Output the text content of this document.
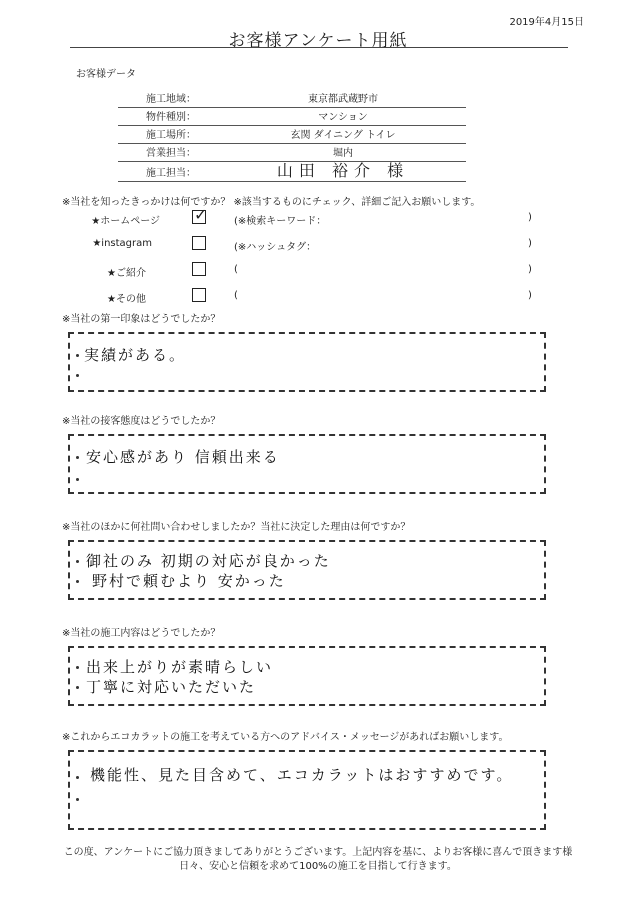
2019年4月15日
お客様アンケート用紙
お客様データ
施工地域：	東京都武蔵野市
物件種別：	マンション
施工場所：	玄関 ダイニング トイレ
営業担当：	堀内
施工担当：	山田 裕介 様
※当社を知ったきっかけは何ですか？ ※該当するものにチェック、詳細ご記入お願いします。
★ホームページ ✓	(※検索キーワード：	)
★instagram	(※ハッシュタグ：	)
★ご紹介	(	)
★その他	(	)
※当社の第一印象はどうでしたか？
実績がある。
※当社の接客態度はどうでしたか？
安心感があり 信頼出来る
※当社のほかに何社問い合わせしましたか？当社に決定した理由は何ですか？
御社のみ 初期の対応が良かった
野村で頼むより 安かった
※当社の施工内容はどうでしたか？
出来上がりが素晴らしい
丁寧に対応いただいた
※これからエコカラットの施工を考えている方へのアドバイス・メッセージがあればお願いします。
機能性、見た目含めて、エコカラットはおすすめです。
この度、アンケートにご協力頂きましてありがとうございます。上記内容を基に、よりお客様に喜んで頂きます様
日々、安心と信頼を求めて100%の施工を目指して行きます。
